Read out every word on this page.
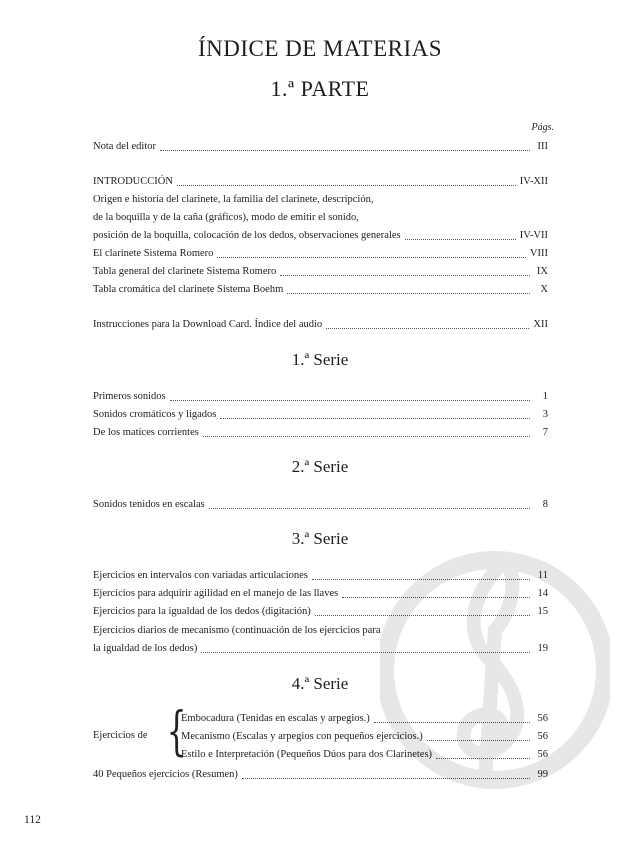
ÍNDICE DE MATERIAS
1.ª PARTE
Págs.
Nota del editor	III
INTRODUCCIÓN	IV-XII
Origen e historia del clarinete, la familia del clarinete, descripción,
de la boquilla y de la caña (gráficos), modo de emitir el sonido,
posición de la boquilla, colocación de los dedos, observaciones generales	IV-VII
El clarinete Sistema Romero	VIII
Tabla general del clarinete Sistema Romero	IX
Tabla cromática del clarinete Sistema Boehm	X
Instrucciones para la Download Card. Índice del audio	XII
1.ª Serie
Primeros sonidos	1
Sonidos cromáticos y ligados	3
De los matices corrientes	7
2.ª Serie
Sonidos tenidos en escalas	8
3.ª Serie
Ejercicios en intervalos con variadas articulaciones	11
Ejercicios para adquirir agilidad en el manejo de las llaves	14
Ejercicios para la igualdad de los dedos (digitación)	15
Ejercicios diarios de mecanismo (continuación de los ejercicios para
la igualdad de los dedos)	19
4.ª Serie
Ejercicios de {
Embocadura (Tenidas en escalas y arpegios.)	56
Mecanismo (Escalas y arpegios con pequeños ejercicios.)	56
Estilo e Interpretación (Pequeños Dúos para dos Clarinetes)	56
40 Pequeños ejercicios (Resumen)	99
112
